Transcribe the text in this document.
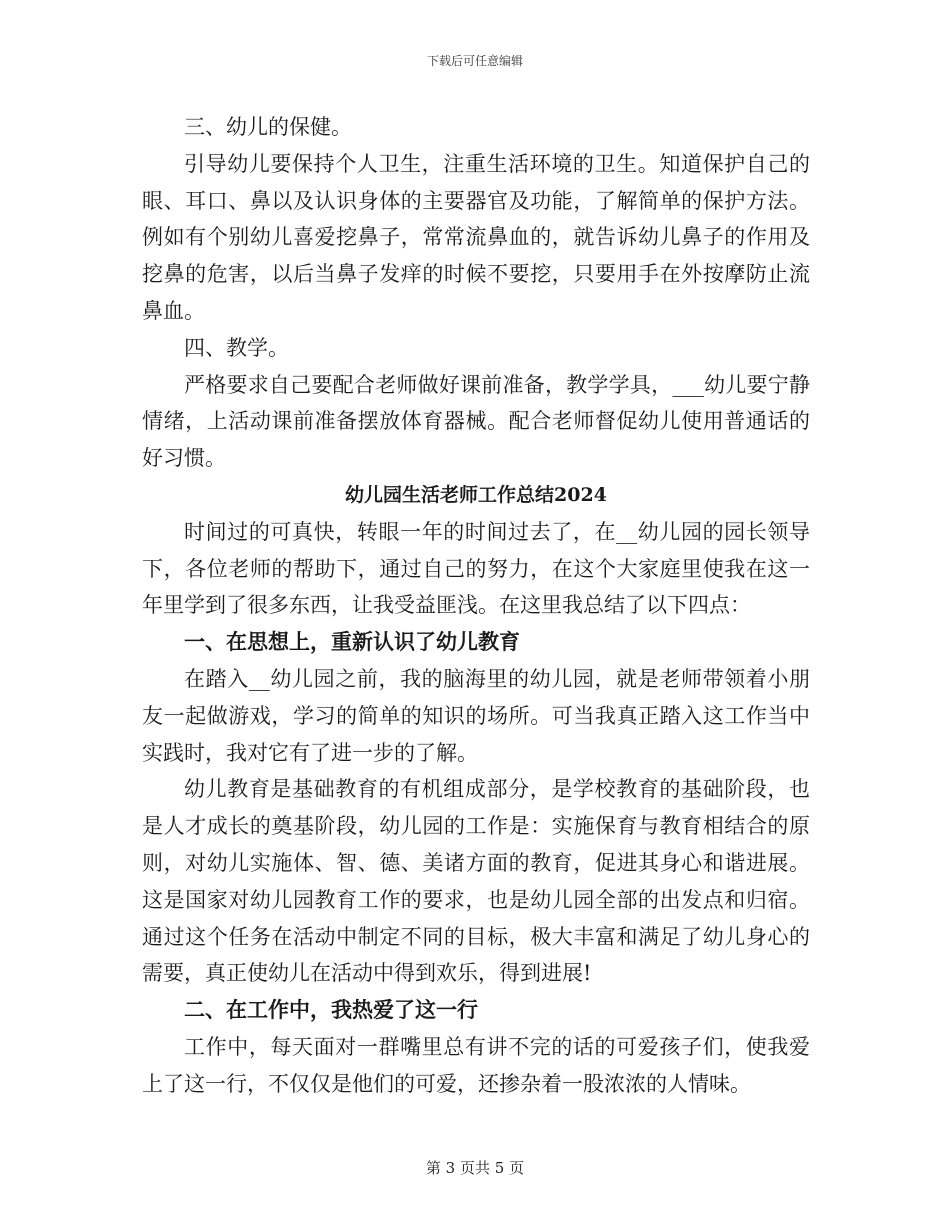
下载后可任意编辑

三、幼儿的保健。

引导幼儿要保持个人卫生，注重生活环境的卫生。知道保护自己的眼、耳口、鼻以及认识身体的主要器官及功能，了解简单的保护方法。例如有个别幼儿喜爱挖鼻子，常常流鼻血的，就告诉幼儿鼻子的作用及挖鼻的危害，以后当鼻子发痒的时候不要挖，只要用手在外按摩防止流鼻血。

四、教学。

严格要求自己要配合老师做好课前准备，教学学具，___幼儿要宁静情绪，上活动课前准备摆放体育器械。配合老师督促幼儿使用普通话的好习惯。

幼儿园生活老师工作总结2024

时间过的可真快，转眼一年的时间过去了，在__幼儿园的园长领导下，各位老师的帮助下，通过自己的努力，在这个大家庭里使我在这一年里学到了很多东西，让我受益匪浅。在这里我总结了以下四点：

一、在思想上，重新认识了幼儿教育

在踏入__幼儿园之前，我的脑海里的幼儿园，就是老师带领着小朋友一起做游戏，学习的简单的知识的场所。可当我真正踏入这工作当中实践时，我对它有了进一步的了解。

幼儿教育是基础教育的有机组成部分，是学校教育的基础阶段，也是人才成长的奠基阶段，幼儿园的工作是：实施保育与教育相结合的原则，对幼儿实施体、智、德、美诸方面的教育，促进其身心和谐进展。这是国家对幼儿园教育工作的要求，也是幼儿园全部的出发点和归宿。通过这个任务在活动中制定不同的目标，极大丰富和满足了幼儿身心的需要，真正使幼儿在活动中得到欢乐，得到进展!

二、在工作中，我热爱了这一行

工作中，每天面对一群嘴里总有讲不完的话的可爱孩子们，使我爱上了这一行，不仅仅是他们的可爱，还掺杂着一股浓浓的人情味。

第 3 页共 5 页
